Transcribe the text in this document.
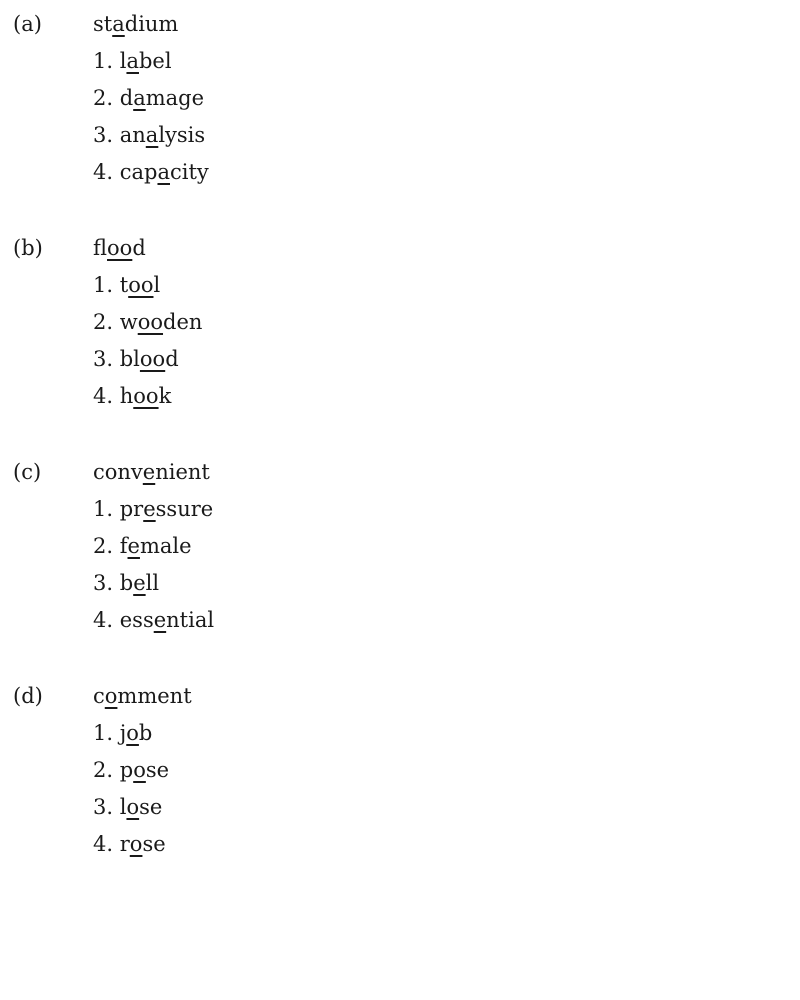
(a) stadium
1. label
2. damage
3. analysis
4. capacity
(b) flood
1. tool
2. wooden
3. blood
4. hook
(c) convenient
1. pressure
2. female
3. bell
4. essential
(d) comment
1. job
2. pose
3. lose
4. rose
